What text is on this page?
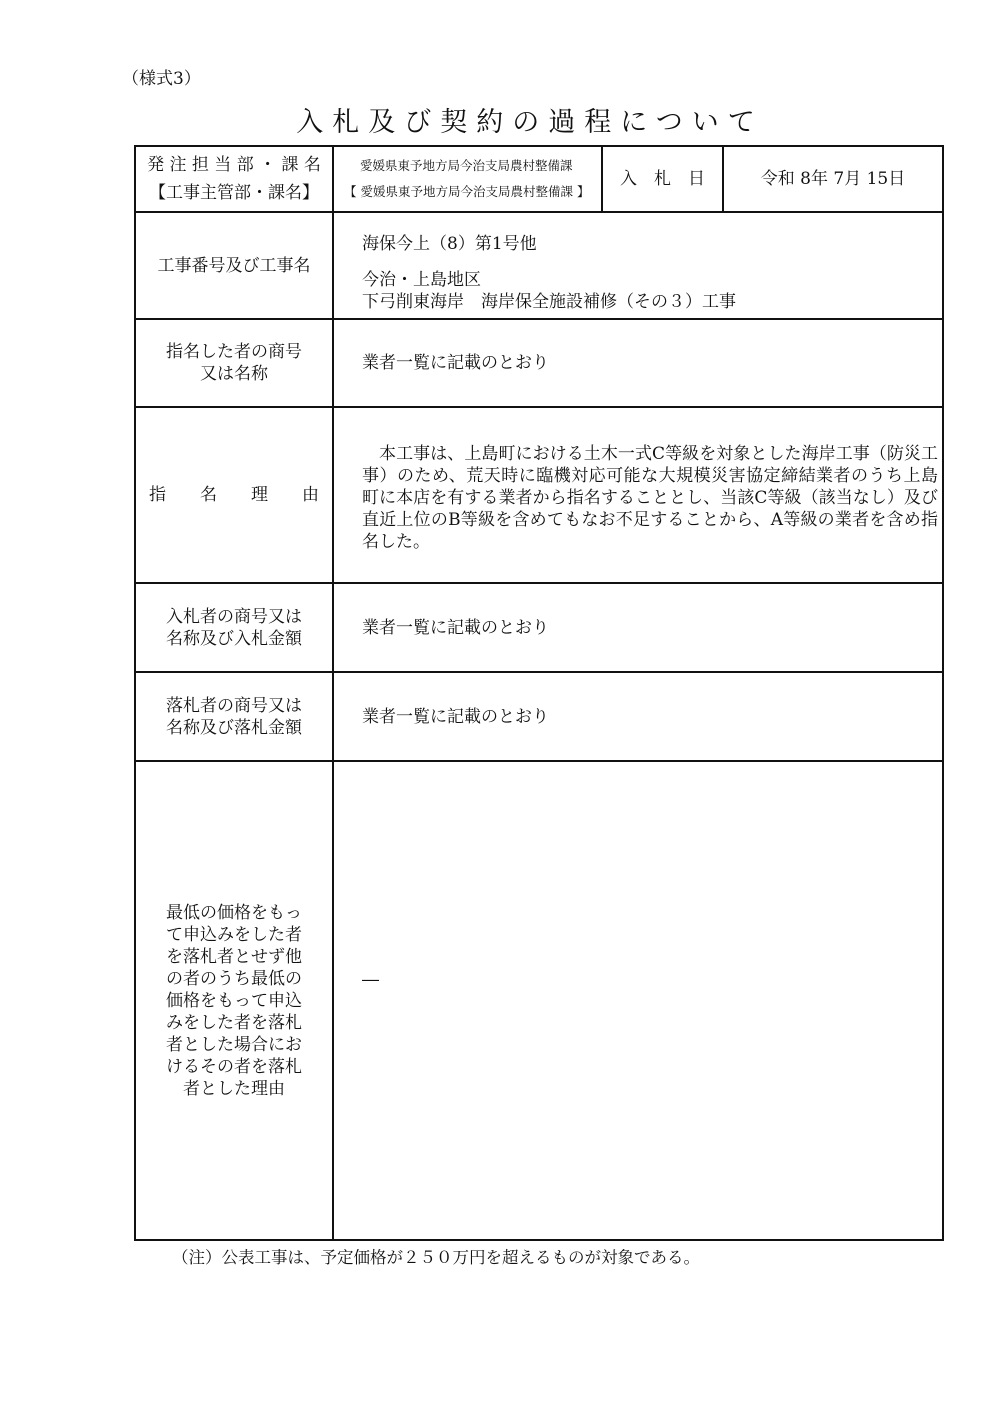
（様式3）
入札及び契約の過程について
発 注 担 当 部 ・ 課 名
【工事主管部・課名】
愛媛県東予地方局今治支局農村整備課
【 愛媛県東予地方局今治支局農村整備課 】
入　札　日	令和 8年 7月 15日
工事番号及び工事名
海保今上（8）第1号他
今治・上島地区
下弓削東海岸　海岸保全施設補修（その３）工事
指名した者の商号
又は名称
業者一覧に記載のとおり
指　　名　　理　　由
　本工事は、上島町における土木一式C等級を対象とした海岸工事（防災工事）のため、荒天時に臨機対応可能な大規模災害協定締結業者のうち上島町に本店を有する業者から指名することとし、当該C等級（該当なし）及び直近上位のB等級を含めてもなお不足することから、A等級の業者を含め指名した。
入札者の商号又は
名称及び入札金額
業者一覧に記載のとおり
落札者の商号又は
名称及び落札金額
業者一覧に記載のとおり
最低の価格をもっ
て申込みをした者
を落札者とせず他
の者のうち最低の
価格をもって申込
みをした者を落札
者とした場合にお
けるその者を落札
者とした理由
―
（注）公表工事は、予定価格が２５０万円を超えるものが対象である。
